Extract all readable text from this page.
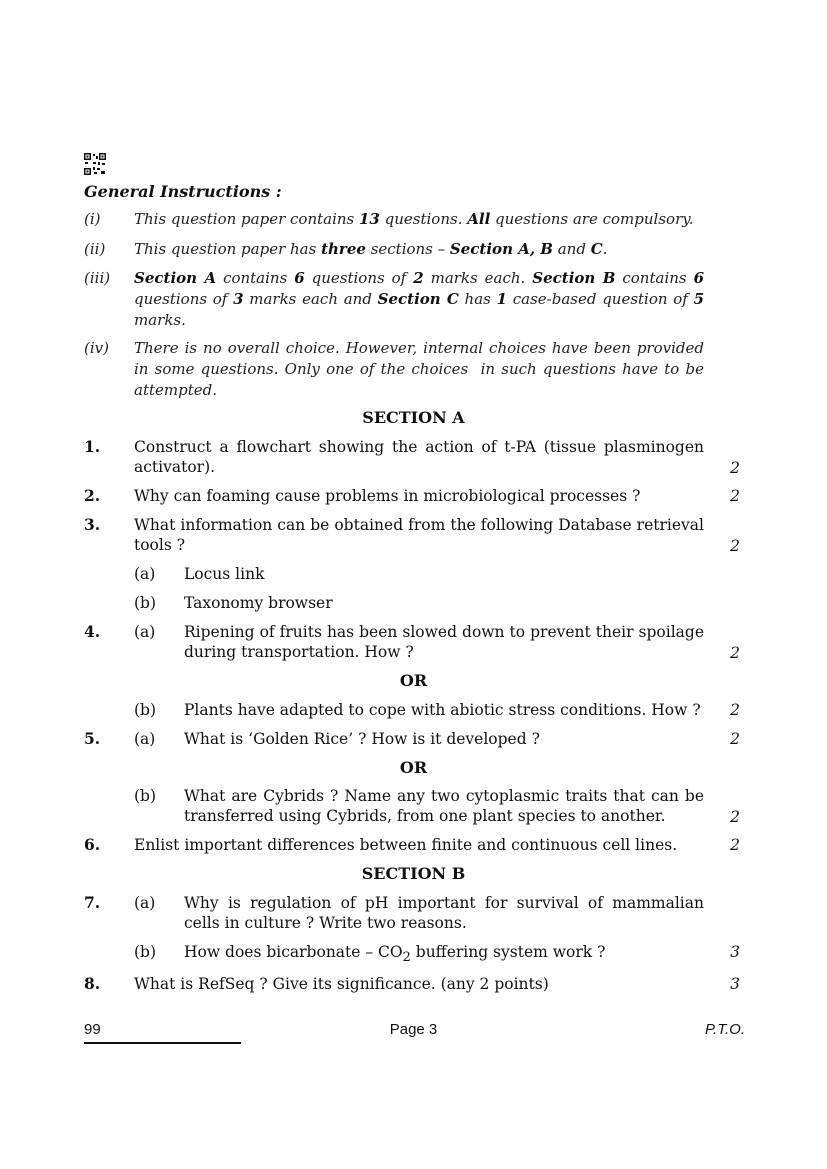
General Instructions :
(i) This question paper contains 13 questions. All questions are compulsory.
(ii) This question paper has three sections – Section A, B and C.
(iii) Section A contains 6 questions of 2 marks each. Section B contains 6 questions of 3 marks each and Section C has 1 case-based question of 5 marks.
(iv) There is no overall choice. However, internal choices have been provided in some questions. Only one of the choices  in such questions have to be attempted.
SECTION A
1. Construct a flowchart showing the action of t-PA (tissue plasminogen activator).	2
2. Why can foaming cause problems in microbiological processes ?	2
3. What information can be obtained from the following Database retrieval tools ?	2
(a) Locus link
(b) Taxonomy browser
4. (a) Ripening of fruits has been slowed down to prevent their spoilage during transportation. How ?	2
OR
(b) Plants have adapted to cope with abiotic stress conditions. How ? 2
5. (a) What is ‘Golden Rice’ ? How is it developed ?	2
OR
(b) What are Cybrids ? Name any two cytoplasmic traits that can be transferred using Cybrids, from one plant species to another.	2
6. Enlist important differences between finite and continuous cell lines.	2
SECTION B
7. (a) Why is regulation of pH important for survival of mammalian cells in culture ? Write two reasons.
(b) How does bicarbonate – $CO_2$ buffering system work ?	3
8. What is RefSeq ? Give its significance. (any 2 points)	3
99	Page 3	P.T.O.
